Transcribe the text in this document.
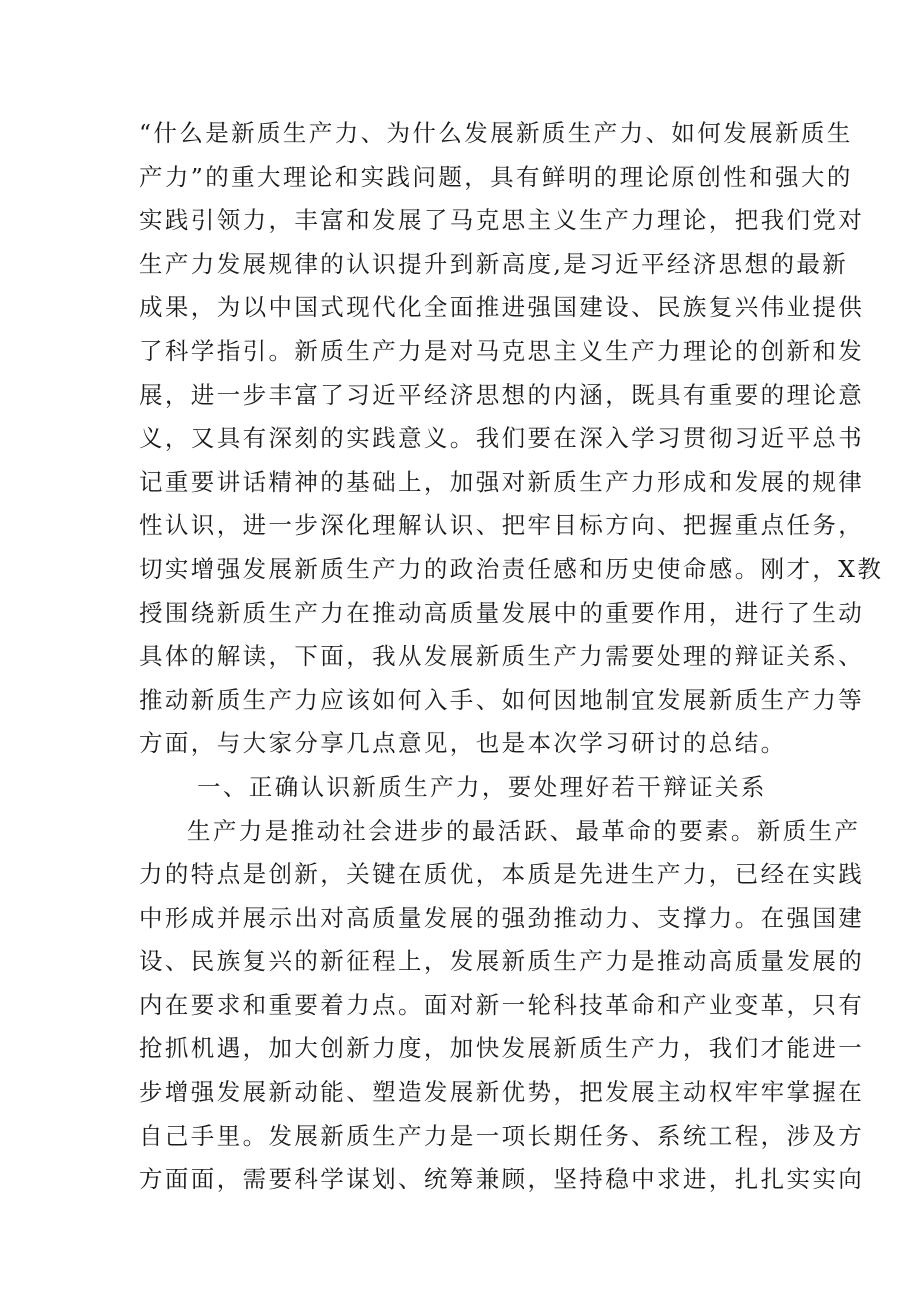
“什么是新质生产力、为什么发展新质生产力、如何发展新质生
产力”的重大理论和实践问题，具有鲜明的理论原创性和强大的
实践引领力，丰富和发展了马克思主义生产力理论，把我们党对
生产力发展规律的认识提升到新高度,是习近平经济思想的最新
成果，为以中国式现代化全面推进强国建设、民族复兴伟业提供
了科学指引。新质生产力是对马克思主义生产力理论的创新和发
展，进一步丰富了习近平经济思想的内涵，既具有重要的理论意
义，又具有深刻的实践意义。我们要在深入学习贯彻习近平总书
记重要讲话精神的基础上，加强对新质生产力形成和发展的规律
性认识，进一步深化理解认识、把牢目标方向、把握重点任务，
切实增强发展新质生产力的政治责任感和历史使命感。刚才，X教
授围绕新质生产力在推动高质量发展中的重要作用，进行了生动
具体的解读，下面，我从发展新质生产力需要处理的辩证关系、
推动新质生产力应该如何入手、如何因地制宜发展新质生产力等
方面，与大家分享几点意见，也是本次学习研讨的总结。
一、正确认识新质生产力，要处理好若干辩证关系
生产力是推动社会进步的最活跃、最革命的要素。新质生产
力的特点是创新，关键在质优，本质是先进生产力，已经在实践
中形成并展示出对高质量发展的强劲推动力、支撑力。在强国建
设、民族复兴的新征程上，发展新质生产力是推动高质量发展的
内在要求和重要着力点。面对新一轮科技革命和产业变革，只有
抢抓机遇，加大创新力度，加快发展新质生产力，我们才能进一
步增强发展新动能、塑造发展新优势，把发展主动权牢牢掌握在
自己手里。发展新质生产力是一项长期任务、系统工程，涉及方
方面面，需要科学谋划、统筹兼顾，坚持稳中求进，扎扎实实向
